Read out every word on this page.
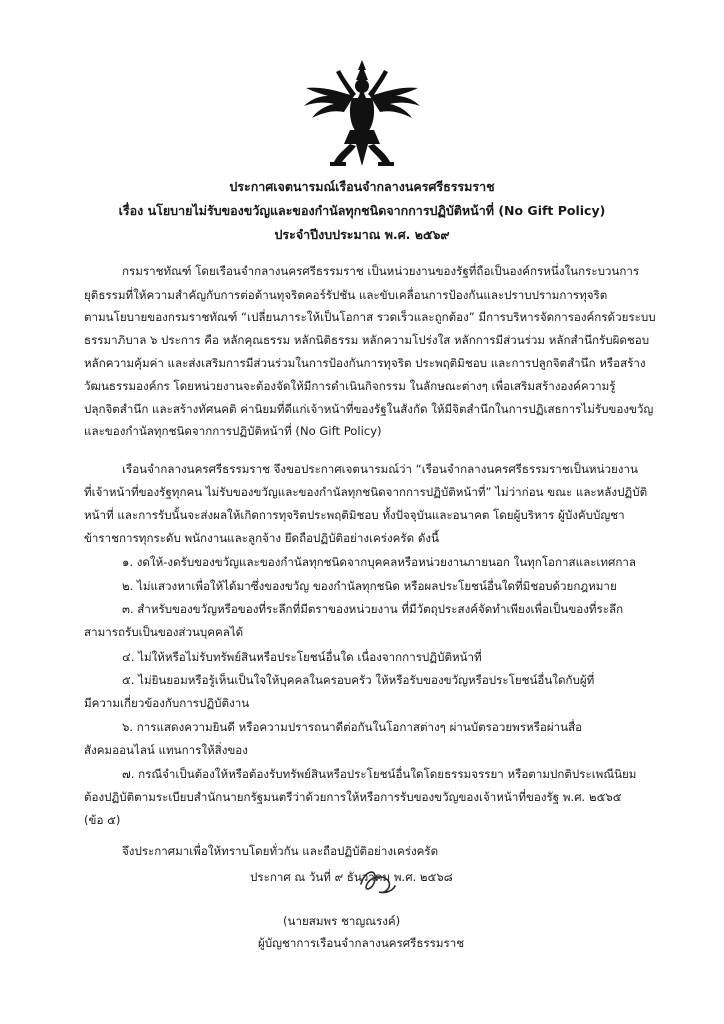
ประกาศเจตนารมณ์เรือนจำกลางนครศรีธรรมราช
เรื่อง นโยบายไม่รับของขวัญและของกำนัลทุกชนิดจากการปฏิบัติหน้าที่ (No Gift Policy)
ประจำปีงบประมาณ พ.ศ. ๒๕๖๙
กรมราชทัณฑ์ โดยเรือนจำกลางนครศรีธรรมราช เป็นหน่วยงานของรัฐที่ถือเป็นองค์กรหนึ่งในกระบวนการ
ยุติธรรมที่ให้ความสำคัญกับการต่อต้านทุจริตคอร์รัปชัน และขับเคลื่อนการป้องกันและปราบปรามการทุจริต
ตามนโยบายของกรมราชทัณฑ์ “เปลี่ยนภาระให้เป็นโอกาส รวดเร็วและถูกต้อง” มีการบริหารจัดการองค์กรด้วยระบบ
ธรรมาภิบาล ๖ ประการ คือ หลักคุณธรรม หลักนิติธรรม หลักความโปร่งใส หลักการมีส่วนร่วม หลักสำนึกรับผิดชอบ
หลักความคุ้มค่า และส่งเสริมการมีส่วนร่วมในการป้องกันการทุจริต ประพฤติมิชอบ และการปลูกจิตสำนึก หรือสร้าง
วัฒนธรรมองค์กร โดยหน่วยงานจะต้องจัดให้มีการดำเนินกิจกรรม ในลักษณะต่างๆ เพื่อเสริมสร้างองค์ความรู้
ปลุกจิตสำนึก และสร้างทัศนคติ ค่านิยมที่ดีแก่เจ้าหน้าที่ของรัฐในสังกัด ให้มีจิตสำนึกในการปฏิเสธการไม่รับของขวัญ
และของกำนัลทุกชนิดจากการปฏิบัติหน้าที่ (No Gift Policy)
เรือนจำกลางนครศรีธรรมราช จึงขอประกาศเจตนารมณ์ว่า “เรือนจำกลางนครศรีธรรมราชเป็นหน่วยงาน
ที่เจ้าหน้าที่ของรัฐทุกคน ไม่รับของขวัญและของกำนัลทุกชนิดจากการปฏิบัติหน้าที่” ไม่ว่าก่อน ขณะ และหลังปฏิบัติ
หน้าที่ และการรับนั้นจะส่งผลให้เกิดการทุจริตประพฤติมิชอบ ทั้งปัจจุบันและอนาคต โดยผู้บริหาร ผู้บังคับบัญชา
ข้าราชการทุกระดับ พนักงานและลูกจ้าง ยึดถือปฏิบัติอย่างเคร่งครัด ดังนี้
๑. งดให้-งดรับของขวัญและของกำนัลทุกชนิดจากบุคคลหรือหน่วยงานภายนอก ในทุกโอกาสและเทศกาล
๒. ไม่แสวงหาเพื่อให้ได้มาซึ่งของขวัญ ของกำนัลทุกชนิด หรือผลประโยชน์อื่นใดที่มิชอบด้วยกฎหมาย
๓. สำหรับของขวัญหรือของที่ระลึกที่มีตราของหน่วยงาน ที่มีวัตถุประสงค์จัดทำเพียงเพื่อเป็นของที่ระลึก
สามารถรับเป็นของส่วนบุคคลได้
๔. ไม่ให้หรือไม่รับทรัพย์สินหรือประโยชน์อื่นใด เนื่องจากการปฏิบัติหน้าที่
๕. ไม่ยินยอมหรือรู้เห็นเป็นใจให้บุคคลในครอบครัว ให้หรือรับของขวัญหรือประโยชน์อื่นใดกับผู้ที่
มีความเกี่ยวข้องกับการปฏิบัติงาน
๖. การแสดงความยินดี หรือความปรารถนาดีต่อกันในโอกาสต่างๆ ผ่านบัตรอวยพรหรือผ่านสื่อ
สังคมออนไลน์ แทนการให้สิ่งของ
๗. กรณีจำเป็นต้องให้หรือต้องรับทรัพย์สินหรือประโยชน์อื่นใดโดยธรรมจรรยา หรือตามปกติประเพณีนิยม
ต้องปฏิบัติตามระเบียบสำนักนายกรัฐมนตรีว่าด้วยการให้หรือการรับของขวัญของเจ้าหน้าที่ของรัฐ พ.ศ. ๒๕๖๕
(ข้อ ๕)
จึงประกาศมาเพื่อให้ทราบโดยทั่วกัน และถือปฏิบัติอย่างเคร่งครัด
ประกาศ ณ วันที่ ๙ ธันวาคม พ.ศ. ๒๕๖๘
(นายสมพร ชาญณรงค์)
ผู้บัญชาการเรือนจำกลางนครศรีธรรมราช
